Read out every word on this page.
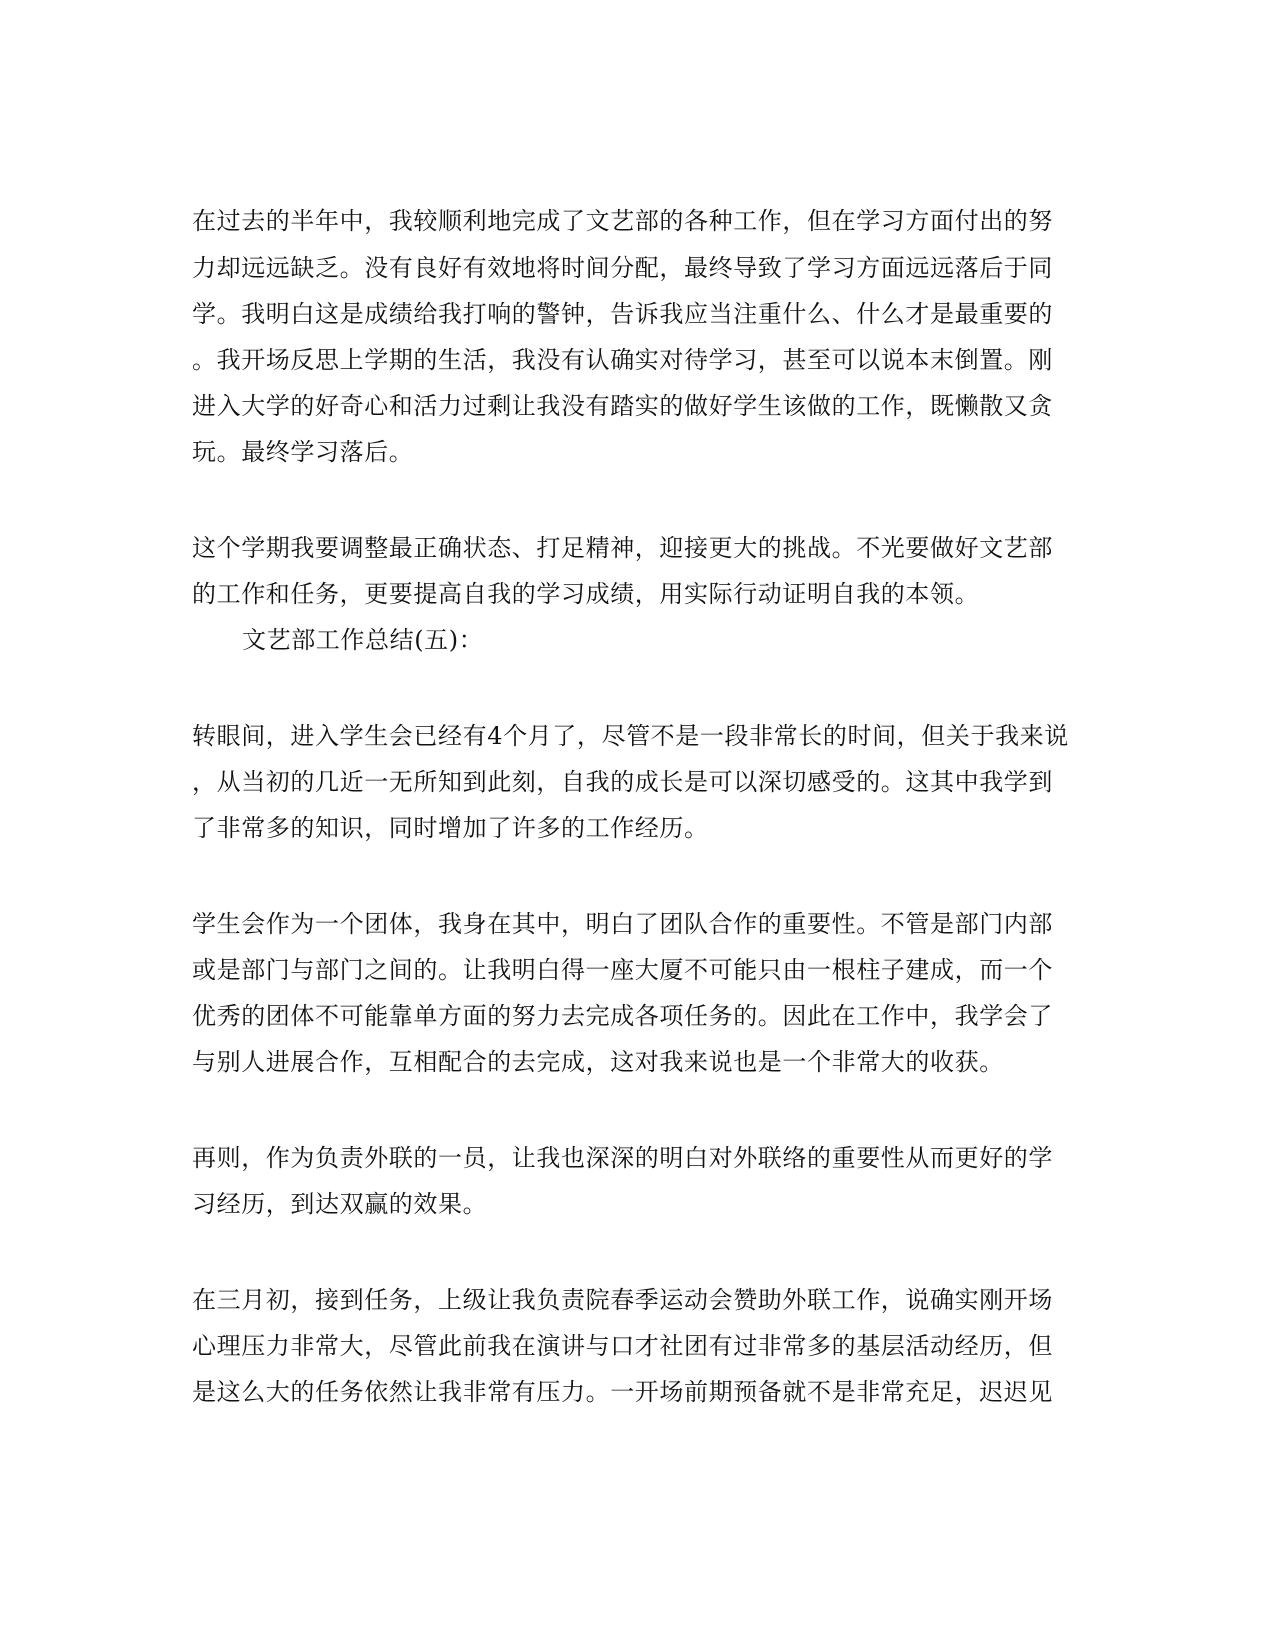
在过去的半年中，我较顺利地完成了文艺部的各种工作，但在学习方面付出的努
力却远远缺乏。没有良好有效地将时间分配，最终导致了学习方面远远落后于同
学。我明白这是成绩给我打响的警钟，告诉我应当注重什么、什么才是最重要的
。我开场反思上学期的生活，我没有认确实对待学习，甚至可以说本末倒置。刚
进入大学的好奇心和活力过剩让我没有踏实的做好学生该做的工作，既懒散又贪
玩。最终学习落后。
这个学期我要调整最正确状态、打足精神，迎接更大的挑战。不光要做好文艺部
的工作和任务，更要提高自我的学习成绩，用实际行动证明自我的本领。
文艺部工作总结(五)：
转眼间，进入学生会已经有4个月了，尽管不是一段非常长的时间，但关于我来说
，从当初的几近一无所知到此刻，自我的成长是可以深切感受的。这其中我学到
了非常多的知识，同时增加了许多的工作经历。
学生会作为一个团体，我身在其中，明白了团队合作的重要性。不管是部门内部
或是部门与部门之间的。让我明白得一座大厦不可能只由一根柱子建成，而一个
优秀的团体不可能靠单方面的努力去完成各项任务的。因此在工作中，我学会了
与别人进展合作，互相配合的去完成，这对我来说也是一个非常大的收获。
再则，作为负责外联的一员，让我也深深的明白对外联络的重要性从而更好的学
习经历，到达双赢的效果。
在三月初，接到任务，上级让我负责院春季运动会赞助外联工作，说确实刚开场
心理压力非常大，尽管此前我在演讲与口才社团有过非常多的基层活动经历，但
是这么大的任务依然让我非常有压力。一开场前期预备就不是非常充足，迟迟见
